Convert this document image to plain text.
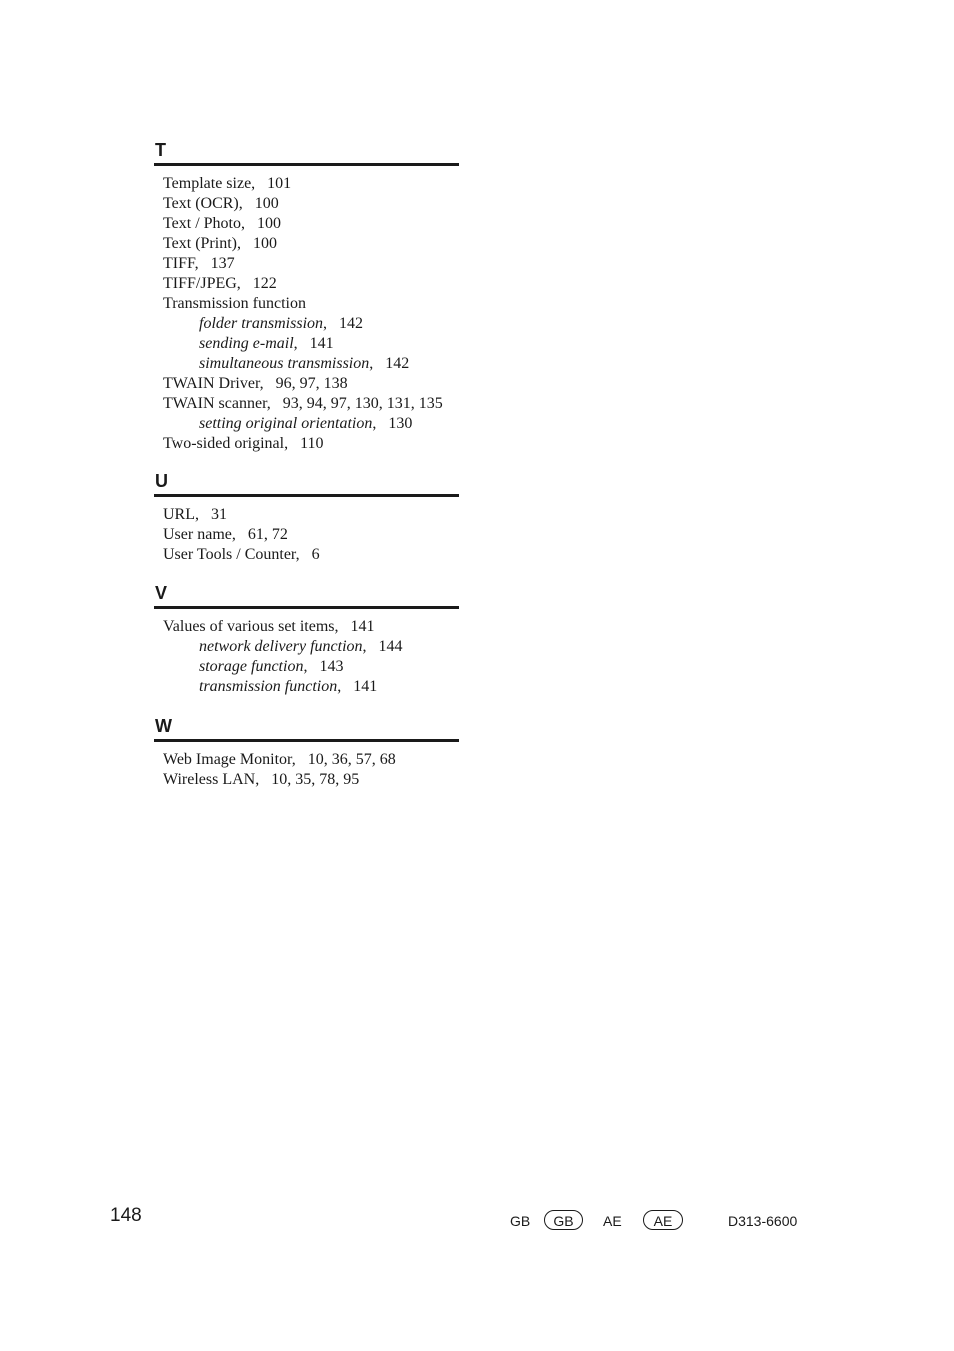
T
Template size, 101
Text (OCR), 100
Text / Photo, 100
Text (Print), 100
TIFF, 137
TIFF/JPEG, 122
Transmission function
folder transmission, 142
sending e-mail, 141
simultaneous transmission, 142
TWAIN Driver, 96, 97, 138
TWAIN scanner, 93, 94, 97, 130, 131, 135
setting original orientation, 130
Two-sided original, 110
U
URL, 31
User name, 61, 72
User Tools / Counter, 6
V
Values of various set items, 141
network delivery function, 144
storage function, 143
transmission function, 141
W
Web Image Monitor, 10, 36, 57, 68
Wireless LAN, 10, 35, 78, 95
148	GB	GB	AE	AE	D313-6600
